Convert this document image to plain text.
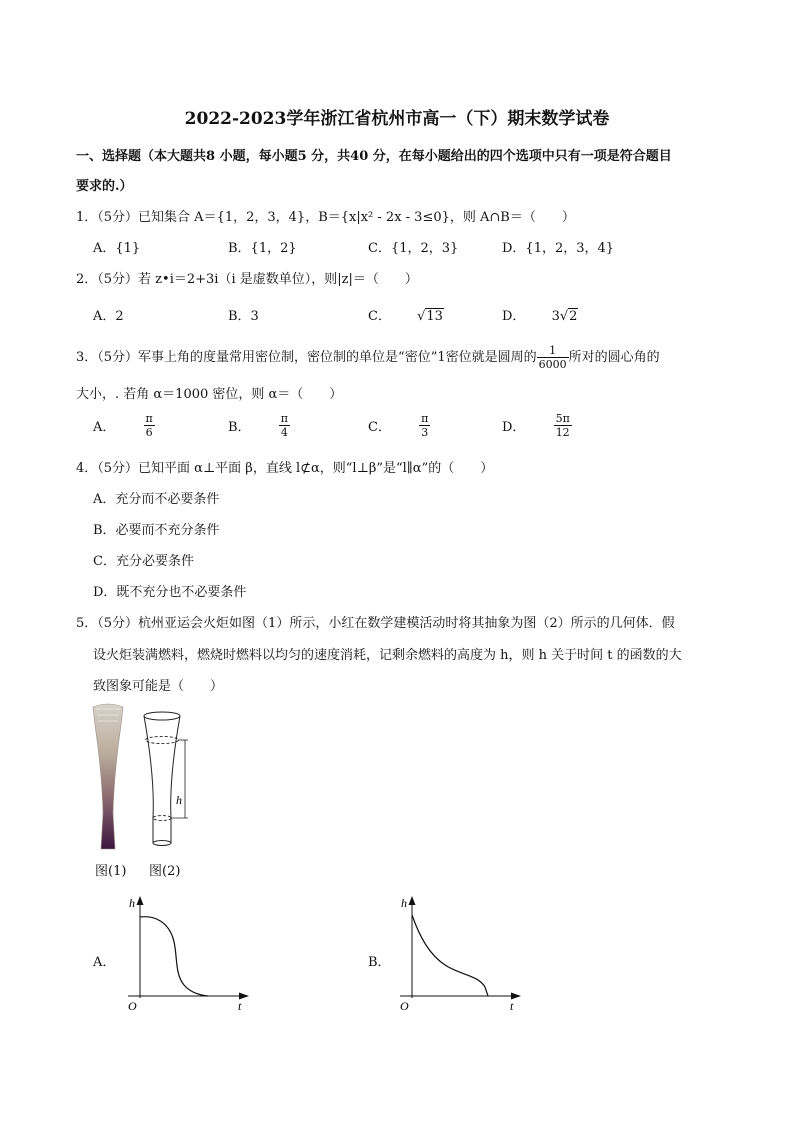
2022-2023学年浙江省杭州市高一（下）期末数学试卷
一、选择题（本大题共8 小题，每小题5 分，共40 分，在每小题给出的四个选项中只有一项是符合题目
要求的.）
1．（5分）已知集合 A＝{1，2，3，4}，B＝{x|x² - 2x - 3≤0}，则 A∩B＝（　　）
A．{1}	B．{1，2}	C．{1，2，3}	D．{1，2，3，4}
2．（5分）若 z•i＝2+3i（i 是虚数单位），则|z|＝（　　）
A．2	B．3	C． √13	D． 3√2
3．（5分）军事上角的度量常用密位制，密位制的单位是“密位”1密位就是圆周的 $\frac{1}{6000}$ 所对的圆心角的
大小，. 若角 α＝1000 密位，则 α＝（　　）
A．	$\frac{\pi}{6}$	B．	$\frac{\pi}{4}$	C．	$\frac{\pi}{3}$	D．	$\frac{5\pi}{12}$
4．（5分）已知平面 α⊥平面 β，直线 l⊄α，则“l⊥β”是“l∥α”的（　　）
A．充分而不必要条件
B．必要而不充分条件
C．充分必要条件
D．既不充分也不必要条件
5．（5分）杭州亚运会火炬如图（1）所示，小红在数学建模活动时将其抽象为图（2）所示的几何体．假
设火炬装满燃料，燃烧时燃料以均匀的速度消耗，记剩余燃料的高度为 h，则 h 关于时间 t 的函数的大
致图象可能是（　　）
h
图(1) 图(2)
A．
h
O	t
B．
h
O	t
